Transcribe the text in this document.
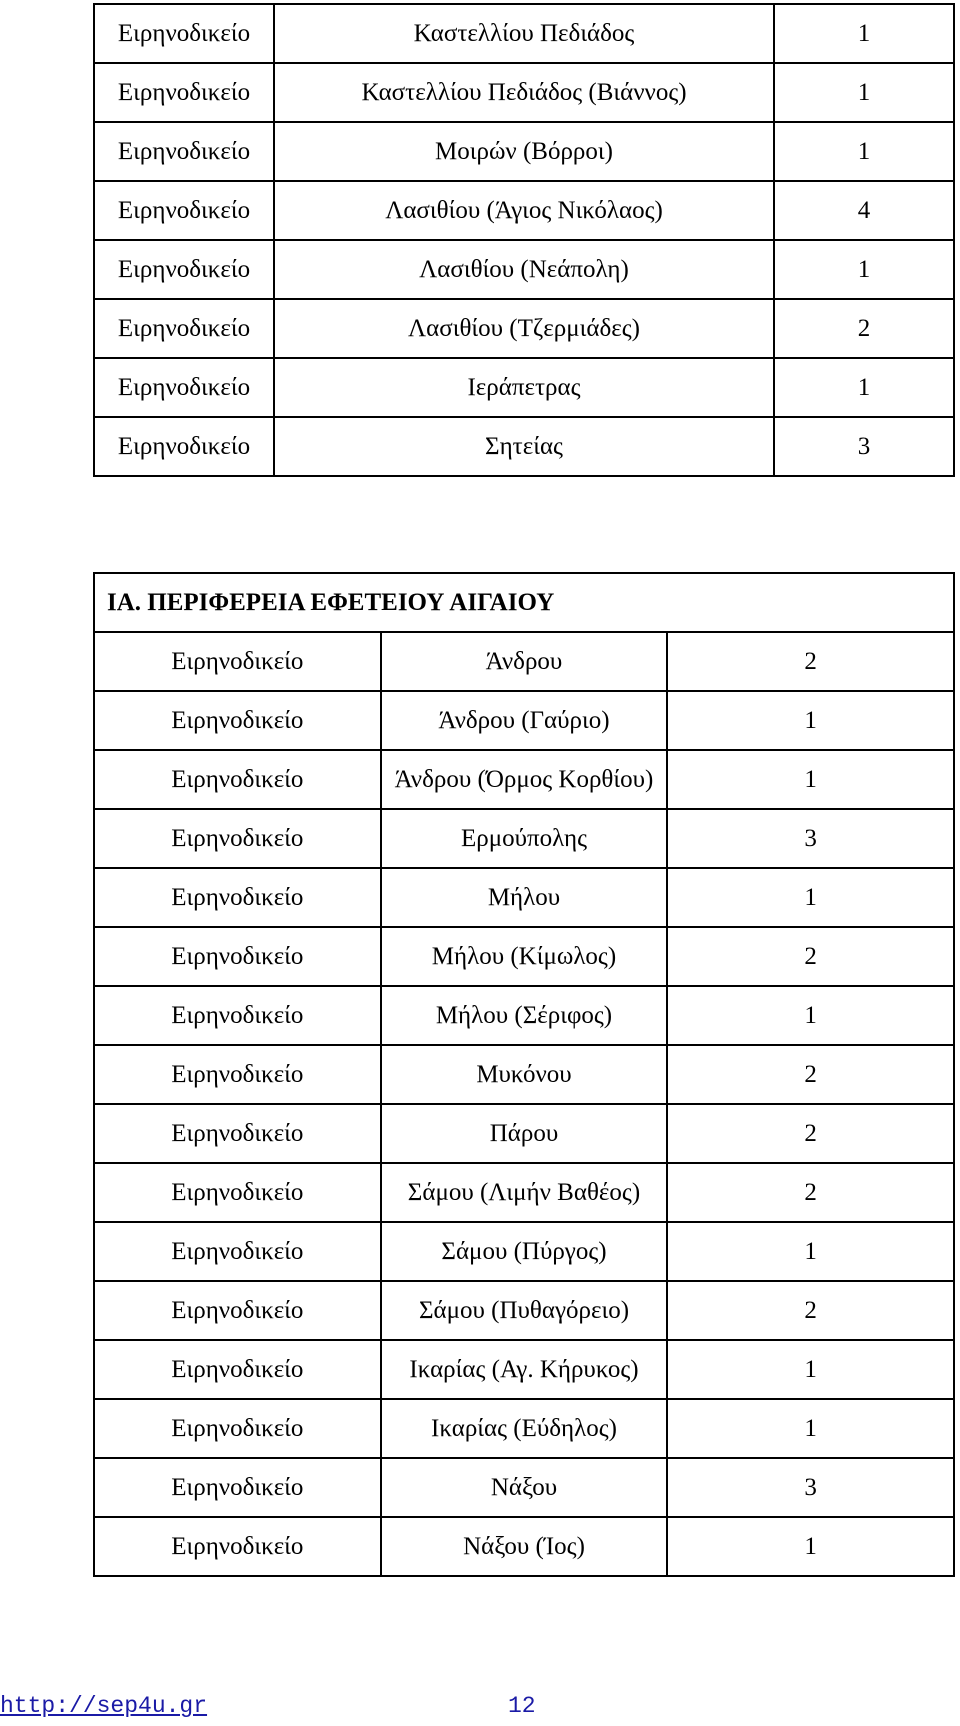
Ειρηνοδικείο	Καστελλίου Πεδιάδος	1
Ειρηνοδικείο	Καστελλίου Πεδιάδος (Βιάννος)	1
Ειρηνοδικείο	Μοιρών (Βόρροι)	1
Ειρηνοδικείο	Λασιθίου (Άγιος Νικόλαος)	4
Ειρηνοδικείο	Λασιθίου (Νεάπολη)	1
Ειρηνοδικείο	Λασιθίου (Τζερμιάδες)	2
Ειρηνοδικείο	Ιεράπετρας	1
Ειρηνοδικείο	Σητείας	3
ΙΑ. ΠΕΡΙΦΕΡΕΙΑ ΕΦΕΤΕΙΟΥ ΑΙΓΑΙΟΥ		
Ειρηνοδικείο	Άνδρου	2
Ειρηνοδικείο	Άνδρου (Γαύριο)	1
Ειρηνοδικείο	Άνδρου (Όρμος Κορθίου)	1
Ειρηνοδικείο	Ερμούπολης	3
Ειρηνοδικείο	Μήλου	1
Ειρηνοδικείο	Μήλου (Κίμωλος)	2
Ειρηνοδικείο	Μήλου (Σέριφος)	1
Ειρηνοδικείο	Μυκόνου	2
Ειρηνοδικείο	Πάρου	2
Ειρηνοδικείο	Σάμου (Λιμήν Βαθέος)	2
Ειρηνοδικείο	Σάμου (Πύργος)	1
Ειρηνοδικείο	Σάμου (Πυθαγόρειο)	2
Ειρηνοδικείο	Ικαρίας (Αγ. Κήρυκος)	1
Ειρηνοδικείο	Ικαρίας (Εύδηλος)	1
Ειρηνοδικείο	Νάξου	3
Ειρηνοδικείο	Νάξου (Ίος)	1
http://sep4u.gr	12
